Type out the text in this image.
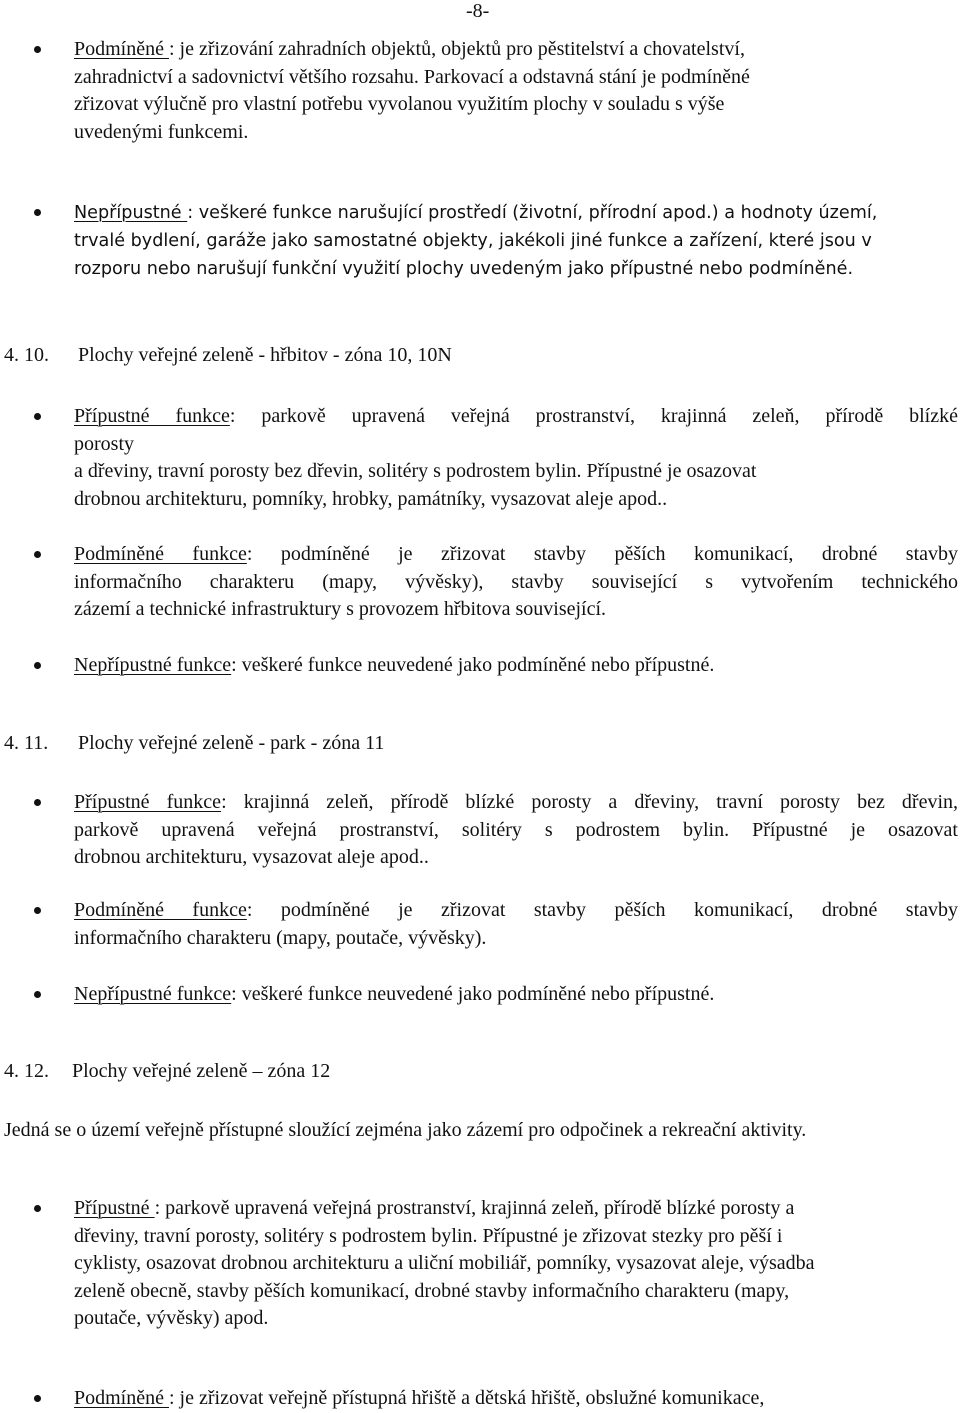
-8-
Podmíněné : je zřizování zahradních objektů, objektů pro pěstitelství a chovatelství,
zahradnictví a sadovnictví většího rozsahu. Parkovací a odstavná stání je podmíněné
zřizovat výlučně pro vlastní potřebu vyvolanou využitím plochy v souladu s výše
uvedenými funkcemi.
Nepřípustné : veškeré funkce narušující prostředí (životní, přírodní apod.) a hodnoty území,
trvalé bydlení, garáže jako samostatné objekty, jakékoli jiné funkce a zařízení, které jsou v
rozporu nebo narušují funkční využití plochy uvedeným jako přípustné nebo podmíněné.
4. 10. Plochy veřejné zeleně - hřbitov - zóna 10, 10N
Přípustné funkce: parkově upravená veřejná prostranství, krajinná zeleň, přírodě blízké
porosty
a dřeviny, travní porosty bez dřevin, solitéry s podrostem bylin. Přípustné je osazovat
drobnou architekturu, pomníky, hrobky, památníky, vysazovat aleje apod..
Podmíněné funkce: podmíněné je zřizovat stavby pěších komunikací, drobné stavby
informačního charakteru (mapy, vývěsky), stavby související s vytvořením technického
zázemí a technické infrastruktury s provozem hřbitova související.
Nepřípustné funkce: veškeré funkce neuvedené jako podmíněné nebo přípustné.
4. 11. Plochy veřejné zeleně - park - zóna 11
Přípustné funkce: krajinná zeleň, přírodě blízké porosty a dřeviny, travní porosty bez dřevin,
parkově upravená veřejná prostranství, solitéry s podrostem bylin. Přípustné je osazovat
drobnou architekturu, vysazovat aleje apod..
Podmíněné funkce: podmíněné je zřizovat stavby pěších komunikací, drobné stavby
informačního charakteru (mapy, poutače, vývěsky).
Nepřípustné funkce: veškeré funkce neuvedené jako podmíněné nebo přípustné.
4. 12. Plochy veřejné zeleně – zóna 12
Jedná se o území veřejně přístupné sloužící zejména jako zázemí pro odpočinek a rekreační aktivity.
Přípustné : parkově upravená veřejná prostranství, krajinná zeleň, přírodě blízké porosty a
dřeviny, travní porosty, solitéry s podrostem bylin. Přípustné je zřizovat stezky pro pěší i
cyklisty, osazovat drobnou architekturu a uliční mobiliář, pomníky, vysazovat aleje, výsadba
zeleně obecně, stavby pěších komunikací, drobné stavby informačního charakteru (mapy,
poutače, vývěsky) apod.
Podmíněné : je zřizovat veřejně přístupná hřiště a dětská hřiště, obslužné komunikace,
